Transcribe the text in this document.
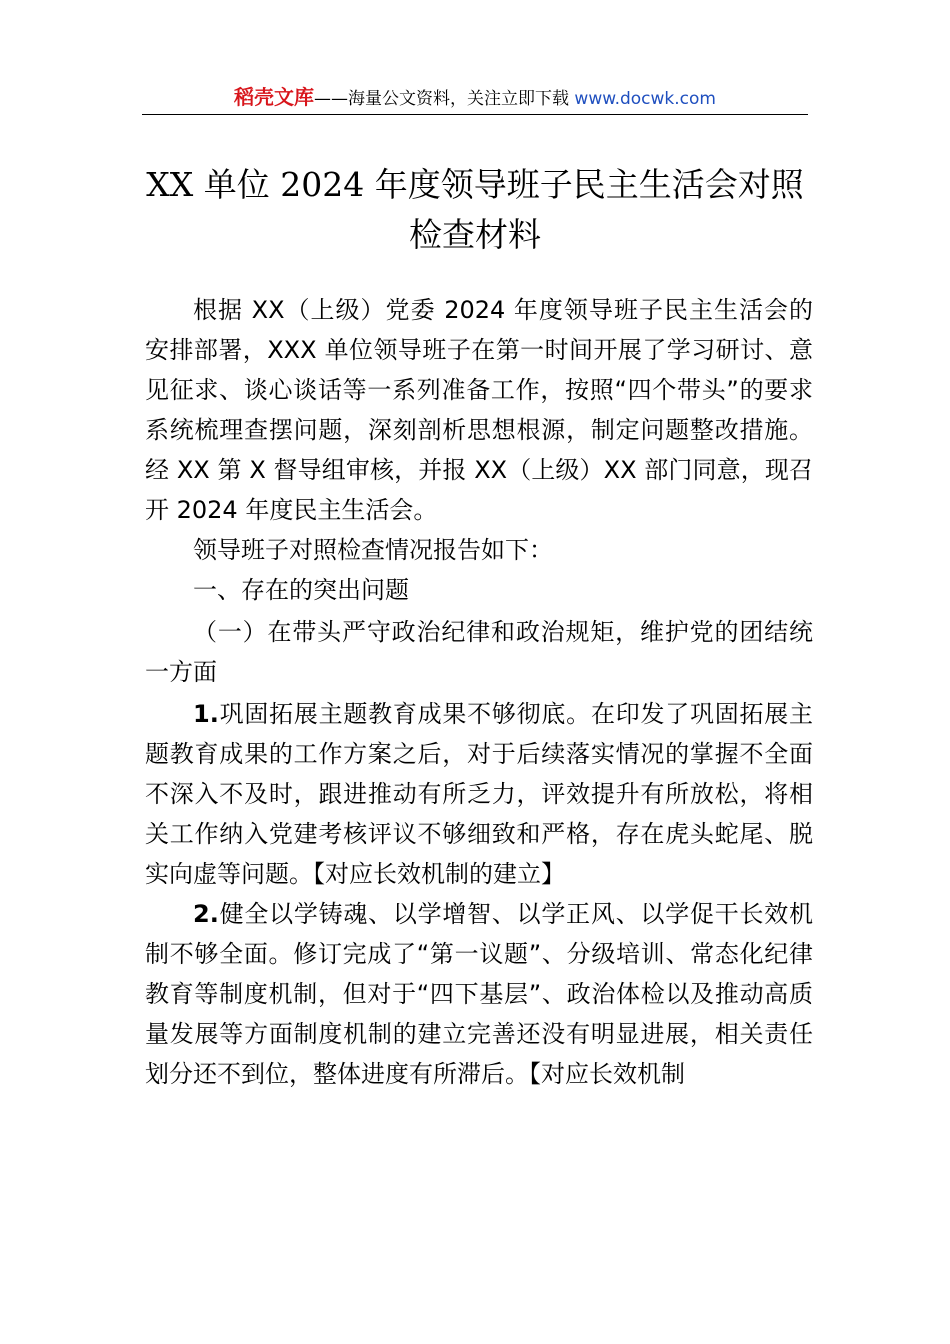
稻壳文库——海量公文资料，关注立即下载 www.docwk.com
XX 单位 2024 年度领导班子民主生活会对照检查材料

根据 XX（上级）党委 2024 年度领导班子民主生活会的安排部署，XXX 单位领导班子在第一时间开展了学习研讨、意见征求、谈心谈话等一系列准备工作，按照“四个带头”的要求系统梳理查摆问题，深刻剖析思想根源，制定问题整改措施。经 XX 第 X 督导组审核，并报 XX（上级）XX 部门同意，现召开 2024 年度民主生活会。

领导班子对照检查情况报告如下：

一、存在的突出问题

（一）在带头严守政治纪律和政治规矩，维护党的团结统一方面

1.巩固拓展主题教育成果不够彻底。在印发了巩固拓展主题教育成果的工作方案之后，对于后续落实情况的掌握不全面不深入不及时，跟进推动有所乏力，评效提升有所放松，将相关工作纳入党建考核评议不够细致和严格，存在虎头蛇尾、脱实向虚等问题。【对应长效机制的建立】

2.健全以学铸魂、以学增智、以学正风、以学促干长效机制不够全面。修订完成了“第一议题”、分级培训、常态化纪律教育等制度机制，但对于“四下基层”、政治体检以及推动高质量发展等方面制度机制的建立完善还没有明显进展，相关责任划分还不到位，整体进度有所滞后。【对应长效机制
